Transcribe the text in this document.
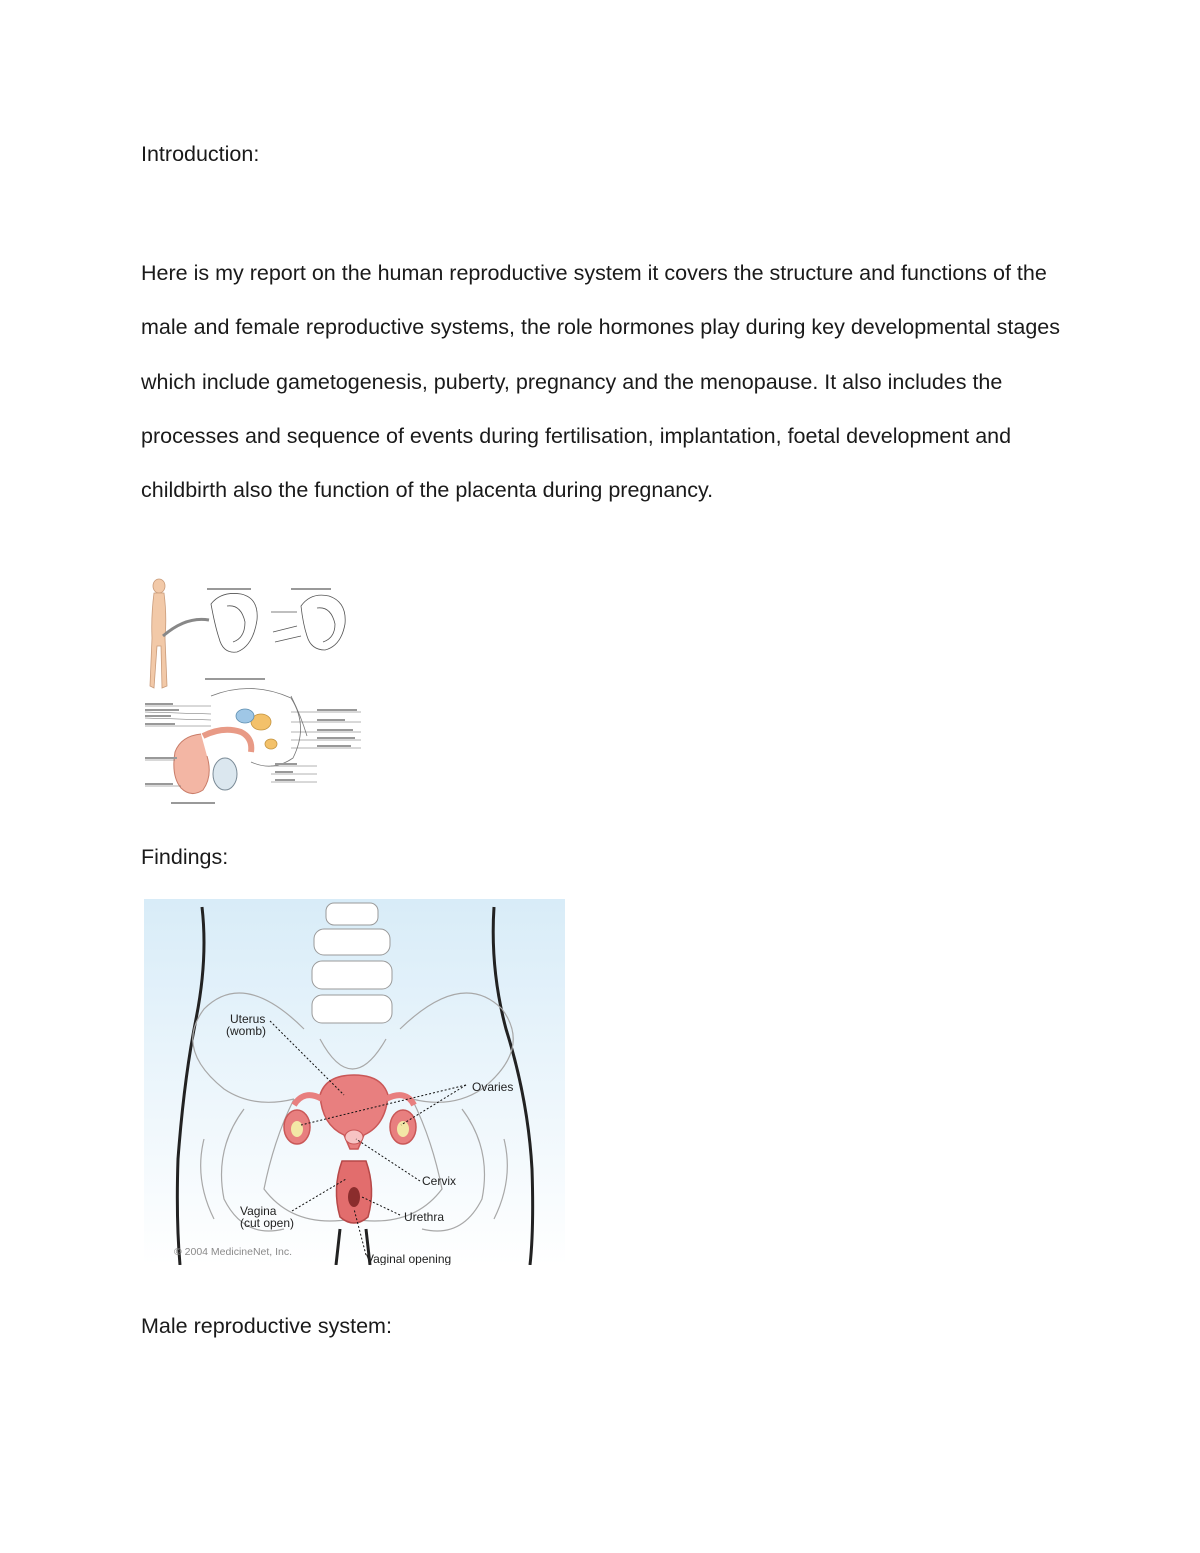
Introduction:

Here is my report on the human reproductive system it covers the structure and functions of the male and female reproductive systems, the role hormones play during key developmental stages which include gametogenesis, puberty, pregnancy and the menopause. It also includes the processes and sequence of events during fertilisation, implantation, foetal development and childbirth also the function of the placenta during pregnancy.

Findings:
Uterus
(womb)
Ovaries
Cervix
Vagina
(cut open)	Urethra
Vaginal opening
© 2004 MedicineNet, Inc.
Male reproductive system:
